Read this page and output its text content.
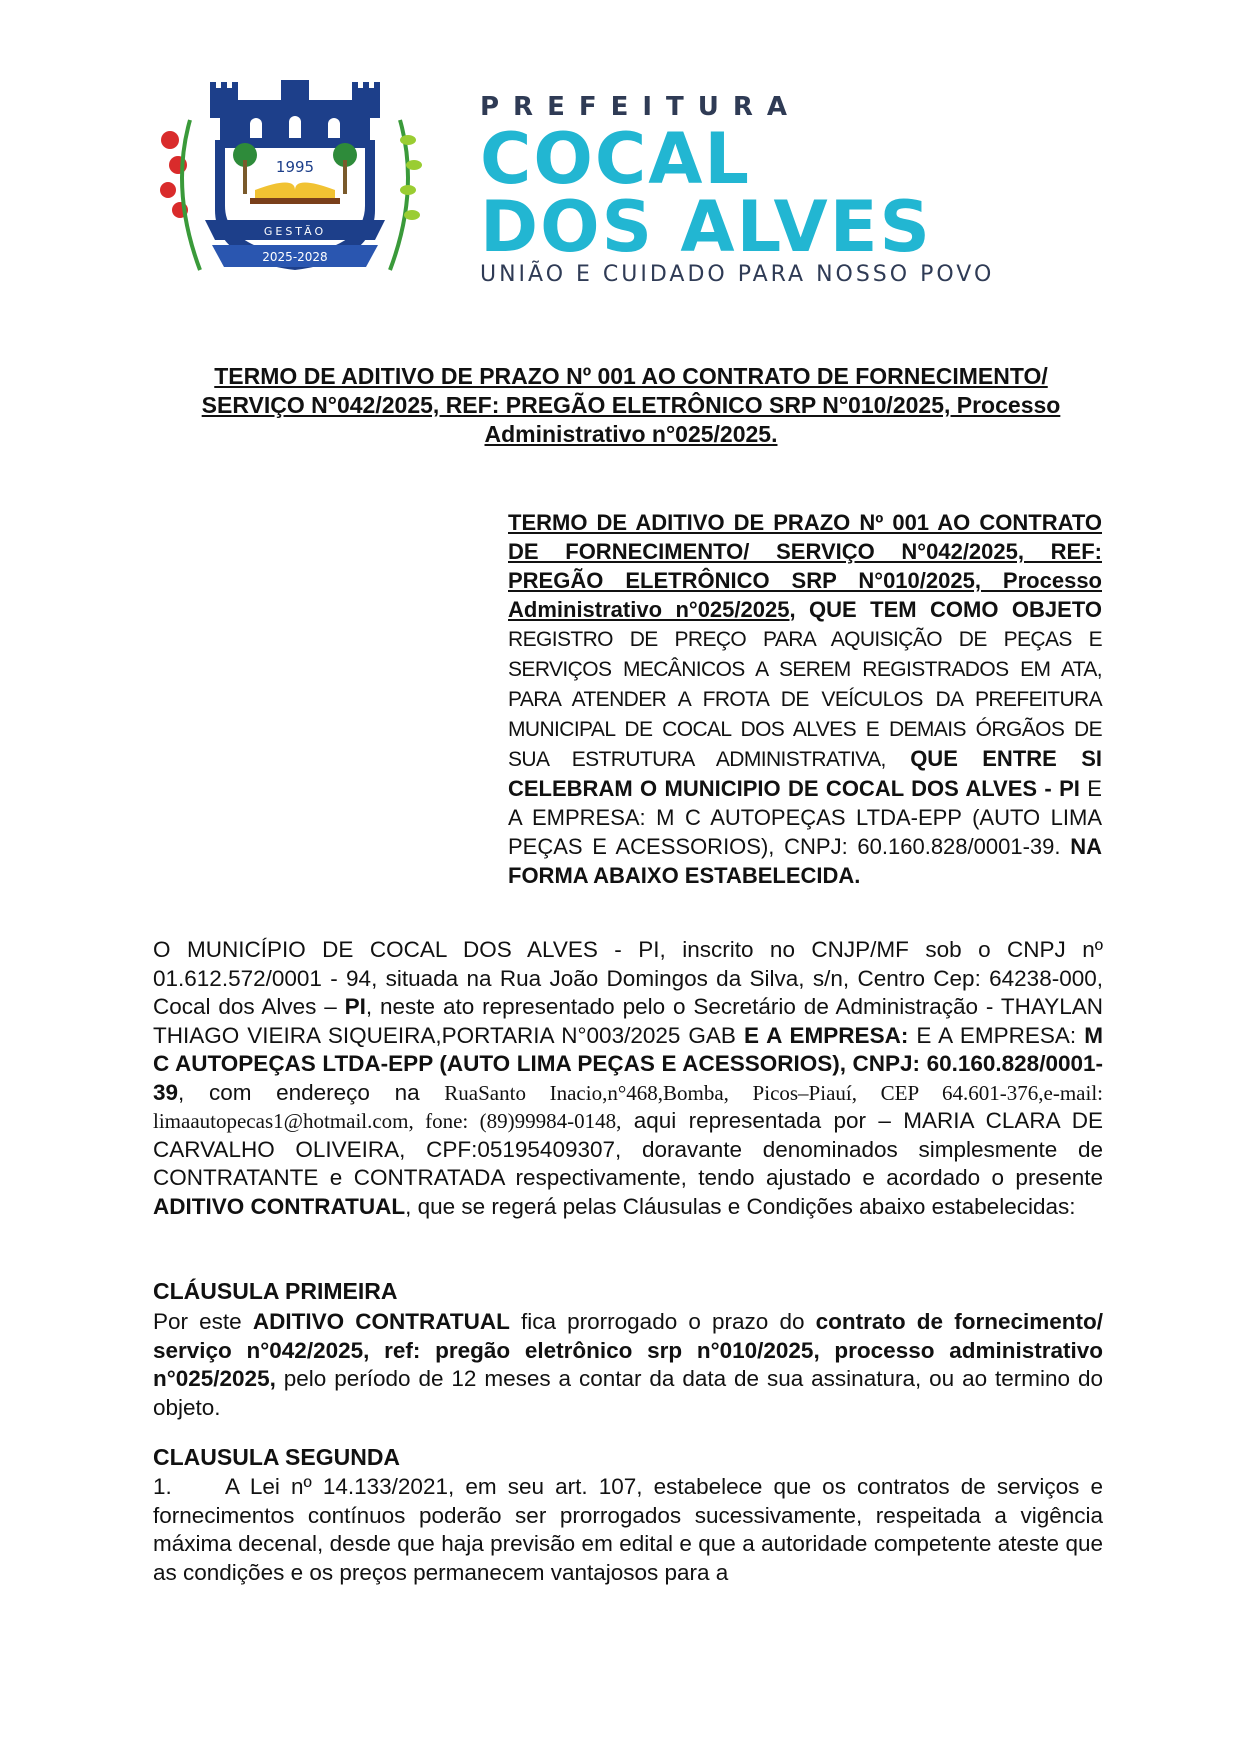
1995
GESTÃO
2025-2028
PREFEITURA
COCAL
DOS ALVES
UNIÃO E CUIDADO PARA NOSSO POVO
TERMO DE ADITIVO DE PRAZO Nº 001 AO CONTRATO DE FORNECIMENTO/
SERVIÇO N°042/2025, REF: PREGÃO ELETRÔNICO SRP N°010/2025, Processo
Administrativo n°025/2025.
TERMO DE ADITIVO DE PRAZO Nº 001 AO CONTRATO DE FORNECIMENTO/ SERVIÇO N°042/2025, REF: PREGÃO ELETRÔNICO SRP N°010/2025, Processo Administrativo n°025/2025, QUE TEM COMO OBJETO REGISTRO DE PREÇO PARA AQUISIÇÃO DE PEÇAS E SERVIÇOS MECÂNICOS A SEREM REGISTRADOS EM ATA, PARA ATENDER A FROTA DE VEÍCULOS DA PREFEITURA MUNICIPAL DE COCAL DOS ALVES E DEMAIS ÓRGÃOS DE SUA ESTRUTURA ADMINISTRATIVA, QUE ENTRE SI CELEBRAM O MUNICIPIO DE COCAL DOS ALVES - PI E A EMPRESA: M C AUTOPEÇAS LTDA-EPP (AUTO LIMA PEÇAS E ACESSORIOS), CNPJ: 60.160.828/0001-39. NA FORMA ABAIXO ESTABELECIDA.
O MUNICÍPIO DE COCAL DOS ALVES - PI, inscrito no CNJP/MF sob o CNPJ nº 01.612.572/0001 - 94, situada na Rua João Domingos da Silva, s/n, Centro Cep: 64238-000, Cocal dos Alves – PI, neste ato representado pelo o Secretário de Administração - THAYLAN THIAGO VIEIRA SIQUEIRA,PORTARIA N°003/2025 GAB E A EMPRESA: E A EMPRESA: M C AUTOPEÇAS LTDA-EPP (AUTO LIMA PEÇAS E ACESSORIOS), CNPJ: 60.160.828/0001-39, com endereço na RuaSanto Inacio,n°468,Bomba, Picos–Piauí, CEP 64.601-376,e-mail: limaautopecas1@hotmail.com, fone: (89)99984-0148, aqui representada por – MARIA CLARA DE CARVALHO OLIVEIRA, CPF:05195409307, doravante denominados simplesmente de CONTRATANTE e CONTRATADA respectivamente, tendo ajustado e acordado o presente ADITIVO CONTRATUAL, que se regerá pelas Cláusulas e Condições abaixo estabelecidas:
CLÁUSULA PRIMEIRA
Por este ADITIVO CONTRATUAL fica prorrogado o prazo do contrato de fornecimento/ serviço n°042/2025, ref: pregão eletrônico srp n°010/2025, processo administrativo n°025/2025, pelo período de 12 meses a contar da data de sua assinatura, ou ao termino do objeto.
CLAUSULA SEGUNDA
1. A Lei nº 14.133/2021, em seu art. 107, estabelece que os contratos de serviços e fornecimentos contínuos poderão ser prorrogados sucessivamente, respeitada a vigência máxima decenal, desde que haja previsão em edital e que a autoridade competente ateste que as condições e os preços permanecem vantajosos para a
